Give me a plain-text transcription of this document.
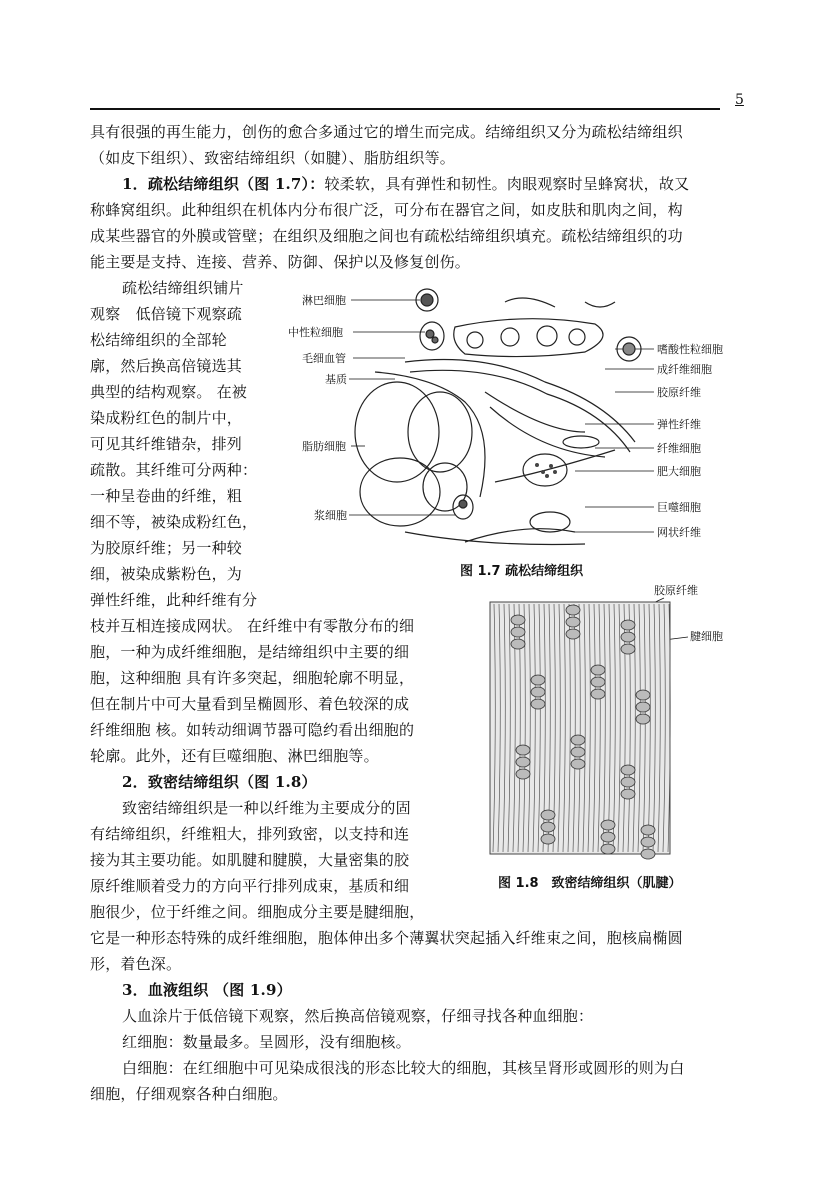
5
具有很强的再生能力，创伤的愈合多通过它的增生而完成。结缔组织又分为疏松结缔组织
（如皮下组织）、致密结缔组织（如腱）、脂肪组织等。
1．疏松结缔组织（图 1.7）：较柔软，具有弹性和韧性。肉眼观察时呈蜂窝状，故又
称蜂窝组织。此种组织在机体内分布很广泛，可分布在器官之间，如皮肤和肌肉之间，构
成某些器官的外膜或管壁；在组织及细胞之间也有疏松结缔组织填充。疏松结缔组织的功
能主要是支持、连接、营养、防御、保护以及修复创伤。
疏松结缔组织铺片
观察　低倍镜下观察疏
松结缔组织的全部轮
廓，然后换高倍镜选其
典型的结构观察。 在被
染成粉红色的制片中，
可见其纤维错杂，排列
疏散。其纤维可分两种：
一种呈卷曲的纤维，粗
细不等，被染成粉红色，
为胶原纤维；另一种较
细，被染成紫粉色，为
弹性纤维，此种纤维有分
枝并互相连接成网状。 在纤维中有零散分布的细
胞，一种为成纤维细胞，是结缔组织中主要的细
胞，这种细胞 具有许多突起，细胞轮廓不明显，
但在制片中可大量看到呈椭圆形、着色较深的成
纤维细胞 核。如转动细调节器可隐约看出细胞的
轮廓。此外，还有巨噬细胞、淋巴细胞等。
2．致密结缔组织（图 1.8）
致密结缔组织是一种以纤维为主要成分的固
有结缔组织，纤维粗大，排列致密，以支持和连
接为其主要功能。如肌腱和腱膜，大量密集的胶
原纤维顺着受力的方向平行排列成束，基质和细
胞很少，位于纤维之间。细胞成分主要是腱细胞，
它是一种形态特殊的成纤维细胞，胞体伸出多个薄翼状突起插入纤维束之间，胞核扁椭圆
形，着色深。
3．血液组织 （图 1.9）
人血涂片于低倍镜下观察，然后换高倍镜观察，仔细寻找各种血细胞：
红细胞：数量最多。呈圆形，没有细胞核。
白细胞：在红细胞中可见染成很浅的形态比较大的细胞，其核呈肾形或圆形的则为白
细胞，仔细观察各种白细胞。
淋巴细胞
中性粒细胞
毛细血管
基质
脂肪细胞
浆细胞
嗜酸性粒细胞
成纤维细胞
胶原纤维
弹性纤维
纤维细胞
肥大细胞
巨噬细胞
网状纤维
图 1.7 疏松结缔组织
胶原纤维
腱细胞
图 1.8　致密结缔组织（肌腱）
